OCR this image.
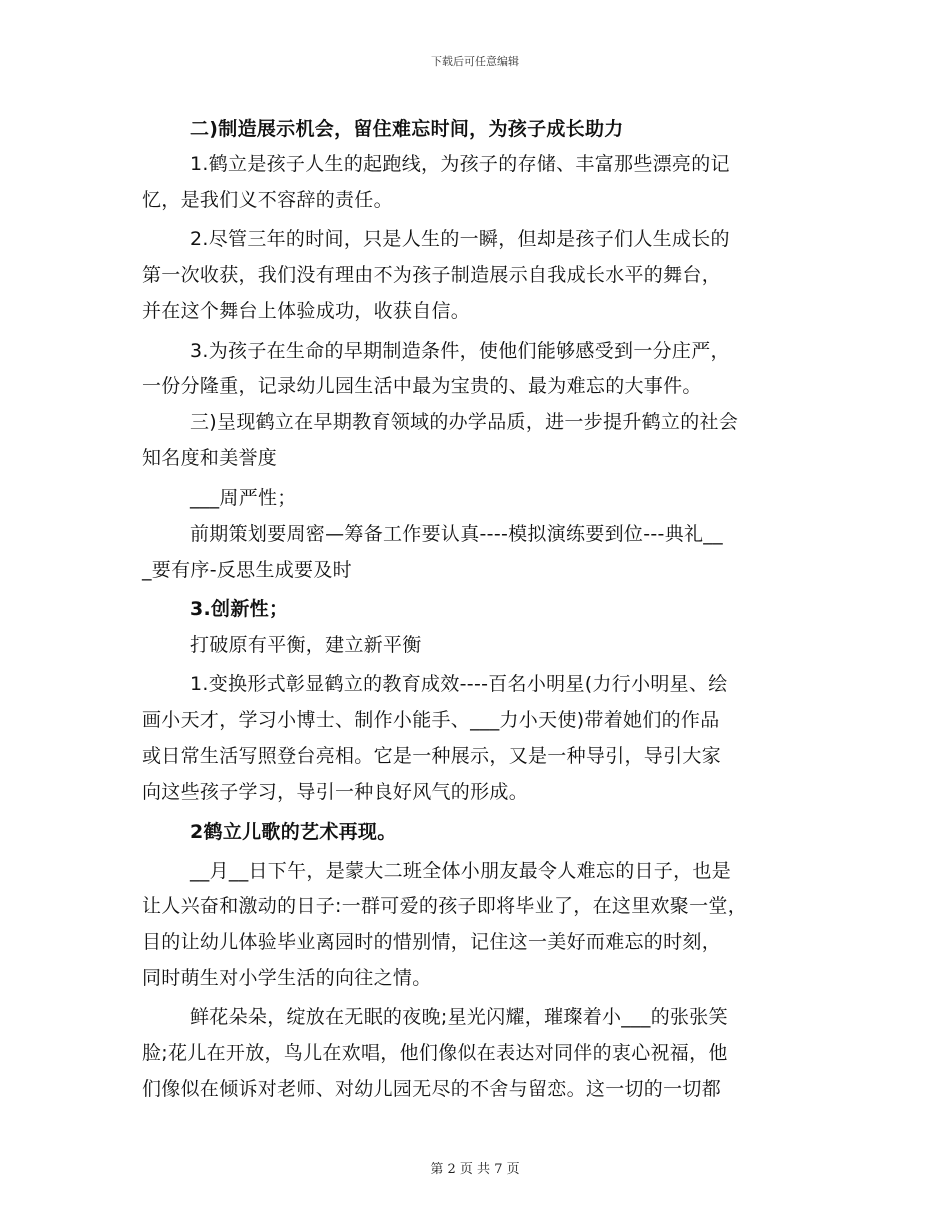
下载后可任意编辑
二)制造展示机会，留住难忘时间，为孩子成长助力
1.鹤立是孩子人生的起跑线，为孩子的存储、丰富那些漂亮的记
忆，是我们义不容辞的责任。
2.尽管三年的时间，只是人生的一瞬，但却是孩子们人生成长的
第一次收获，我们没有理由不为孩子制造展示自我成长水平的舞台，
并在这个舞台上体验成功，收获自信。
3.为孩子在生命的早期制造条件，使他们能够感受到一分庄严，
一份分隆重，记录幼儿园生活中最为宝贵的、最为难忘的大事件。
三)呈现鹤立在早期教育领域的办学品质，进一步提升鹤立的社会
知名度和美誉度
___周严性；
前期策划要周密—筹备工作要认真----模拟演练要到位---典礼__
_要有序-反思生成要及时
3.创新性；
打破原有平衡，建立新平衡
1.变换形式彰显鹤立的教育成效----百名小明星(力行小明星、绘
画小天才，学习小博士、制作小能手、___力小天使)带着她们的作品
或日常生活写照登台亮相。它是一种展示，又是一种导引，导引大家
向这些孩子学习，导引一种良好风气的形成。
2鹤立儿歌的艺术再现。
__月__日下午，是蒙大二班全体小朋友最令人难忘的日子，也是
让人兴奋和激动的日子:一群可爱的孩子即将毕业了，在这里欢聚一堂，
目的让幼儿体验毕业离园时的惜别情，记住这一美好而难忘的时刻，
同时萌生对小学生活的向往之情。
鲜花朵朵，绽放在无眠的夜晚;星光闪耀，璀璨着小___的张张笑
脸;花儿在开放，鸟儿在欢唱，他们像似在表达对同伴的衷心祝福，他
们像似在倾诉对老师、对幼儿园无尽的不舍与留恋。这一切的一切都
第 2 页 共 7 页
